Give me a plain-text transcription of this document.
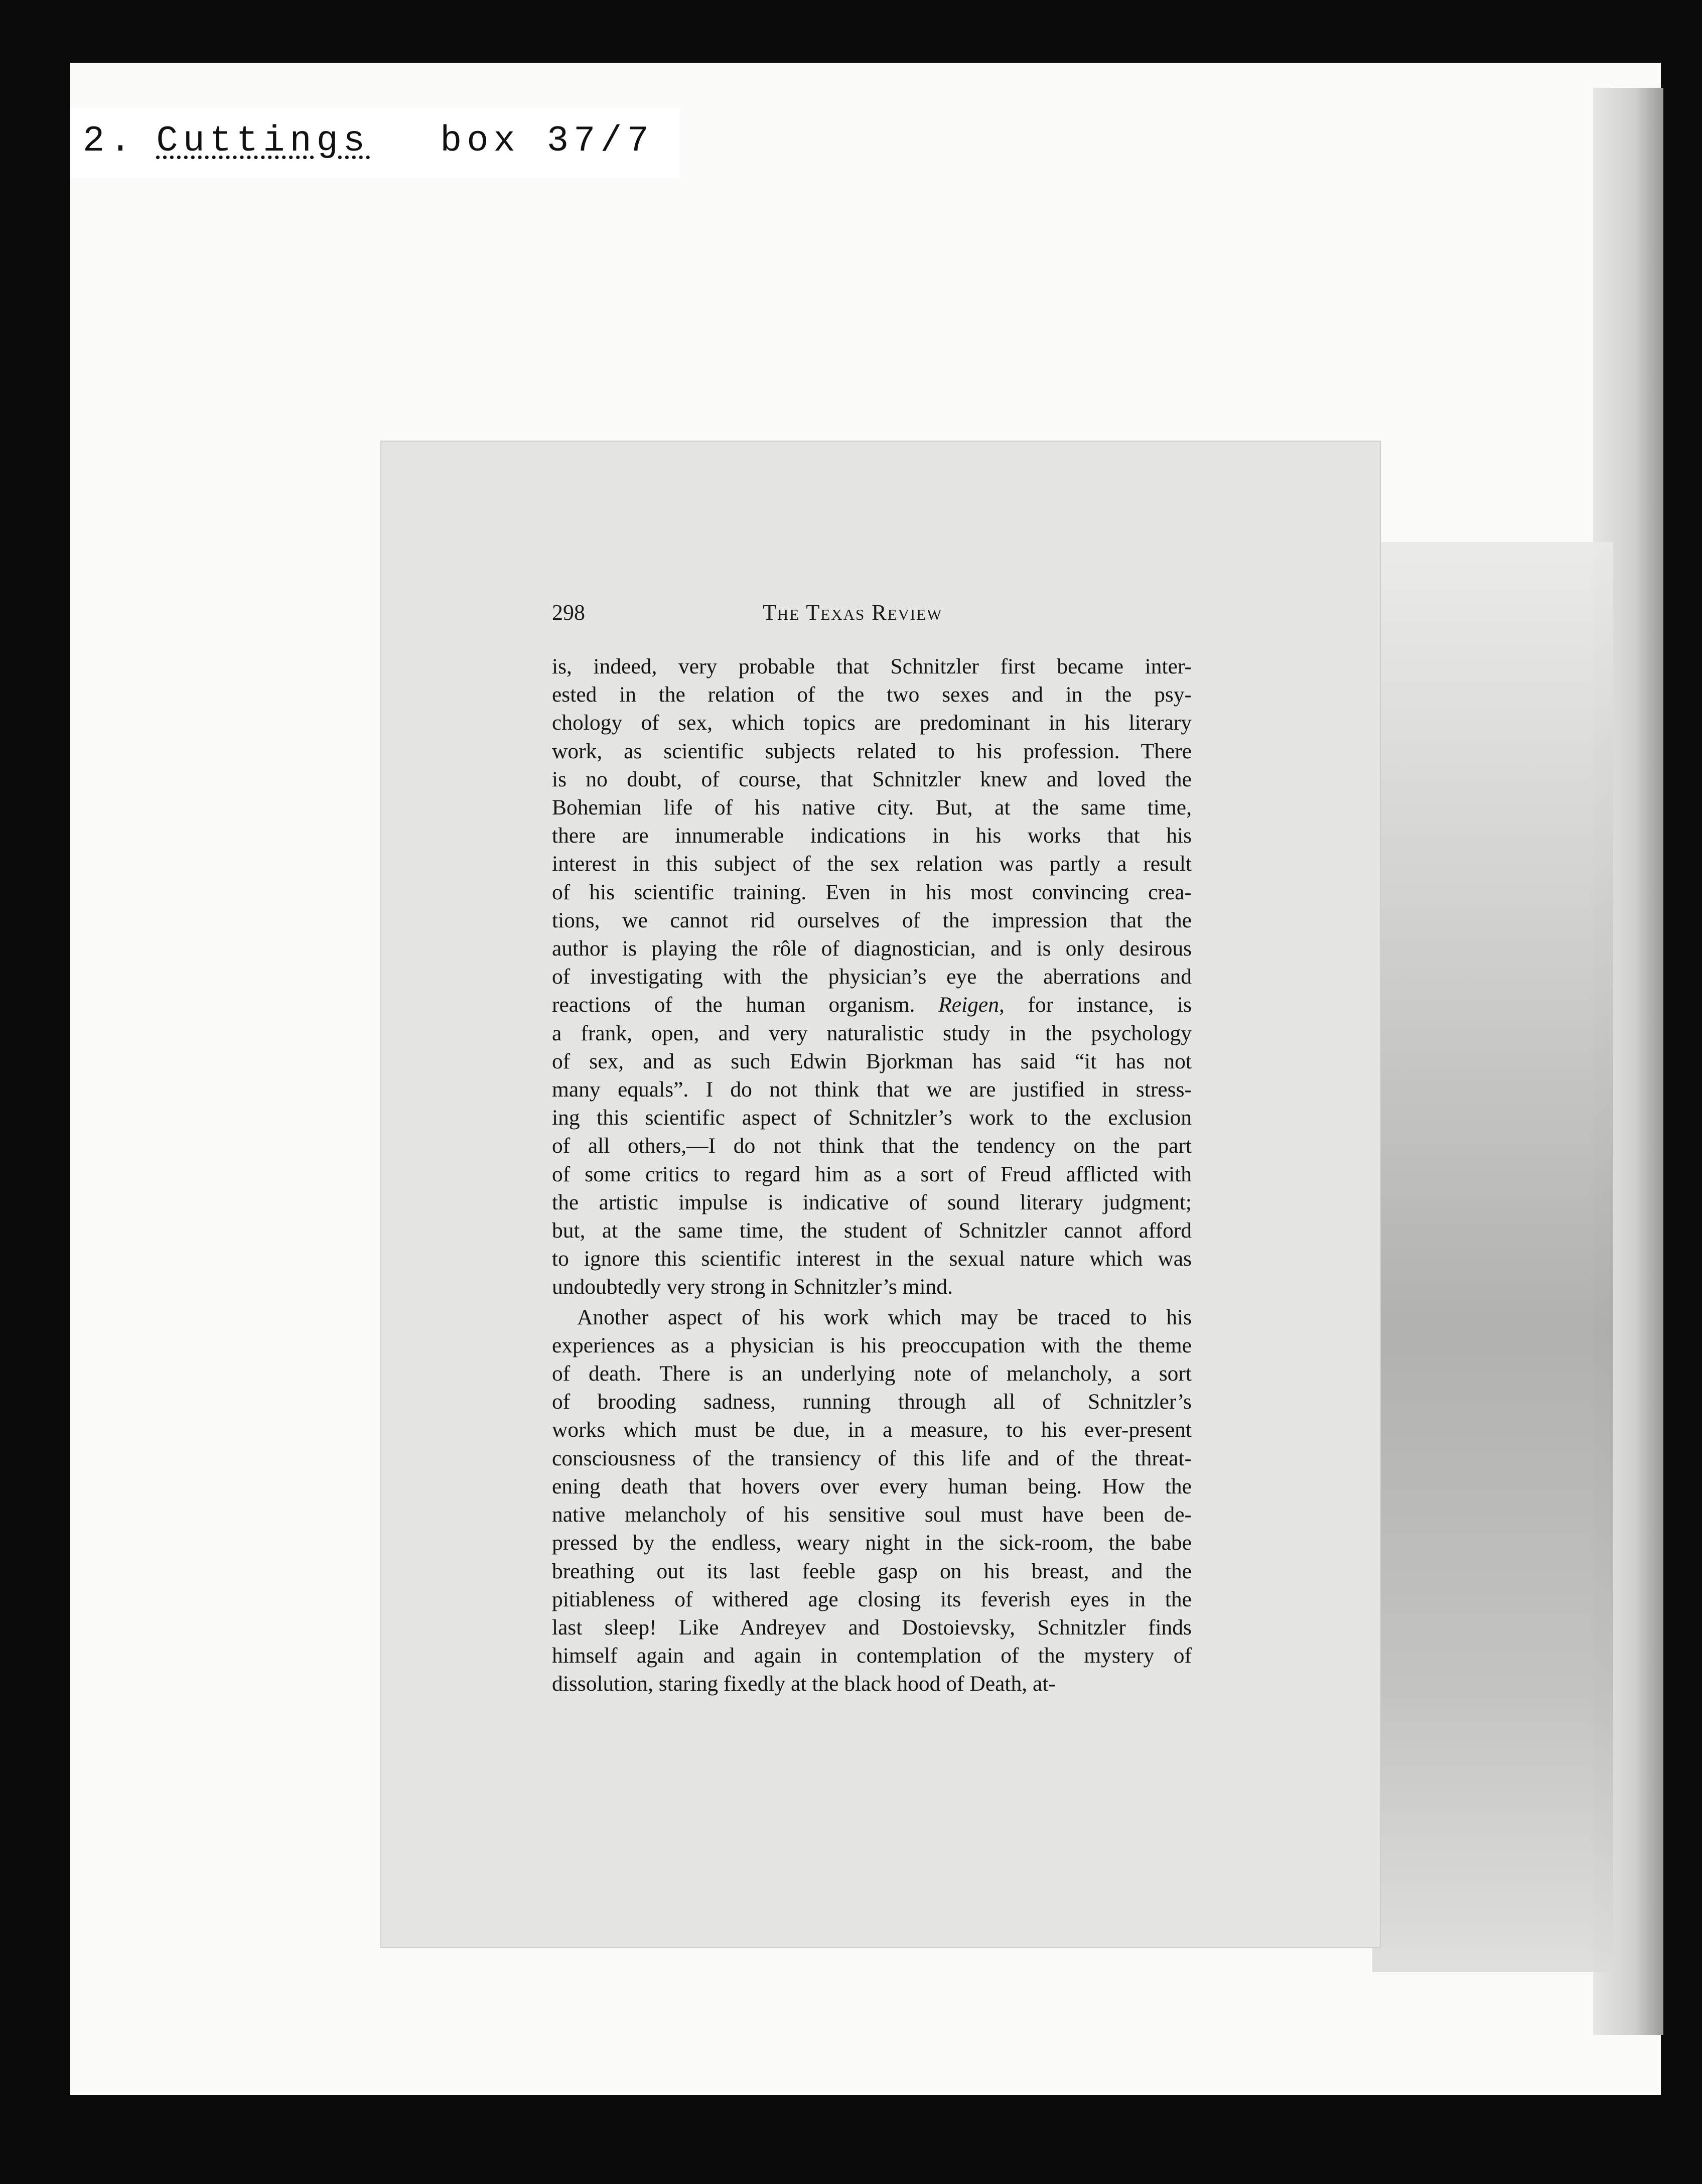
2. Cuttings box 37/7
298	The Texas Review

is, indeed, very probable that Schnitzler first became inter-
ested in the relation of the two sexes and in the psy-
chology of sex, which topics are predominant in his literary
work, as scientific subjects related to his profession. There
is no doubt, of course, that Schnitzler knew and loved the
Bohemian life of his native city. But, at the same time,
there are innumerable indications in his works that his
interest in this subject of the sex relation was partly a result
of his scientific training. Even in his most convincing crea-
tions, we cannot rid ourselves of the impression that the
author is playing the rôle of diagnostician, and is only desirous
of investigating with the physician’s eye the aberrations and
reactions of the human organism. Reigen, for instance, is
a frank, open, and very naturalistic study in the psychology
of sex, and as such Edwin Bjorkman has said “it has not
many equals”. I do not think that we are justified in stress-
ing this scientific aspect of Schnitzler’s work to the exclusion
of all others,—I do not think that the tendency on the part
of some critics to regard him as a sort of Freud afflicted with
the artistic impulse is indicative of sound literary judgment;
but, at the same time, the student of Schnitzler cannot afford
to ignore this scientific interest in the sexual nature which was
undoubtedly very strong in Schnitzler’s mind.

Another aspect of his work which may be traced to his
experiences as a physician is his preoccupation with the theme
of death. There is an underlying note of melancholy, a sort
of brooding sadness, running through all of Schnitzler’s
works which must be due, in a measure, to his ever-present
consciousness of the transiency of this life and of the threat-
ening death that hovers over every human being. How the
native melancholy of his sensitive soul must have been de-
pressed by the endless, weary night in the sick-room, the babe
breathing out its last feeble gasp on his breast, and the
pitiableness of withered age closing its feverish eyes in the
last sleep! Like Andreyev and Dostoievsky, Schnitzler finds
himself again and again in contemplation of the mystery of
dissolution, staring fixedly at the black hood of Death, at-
